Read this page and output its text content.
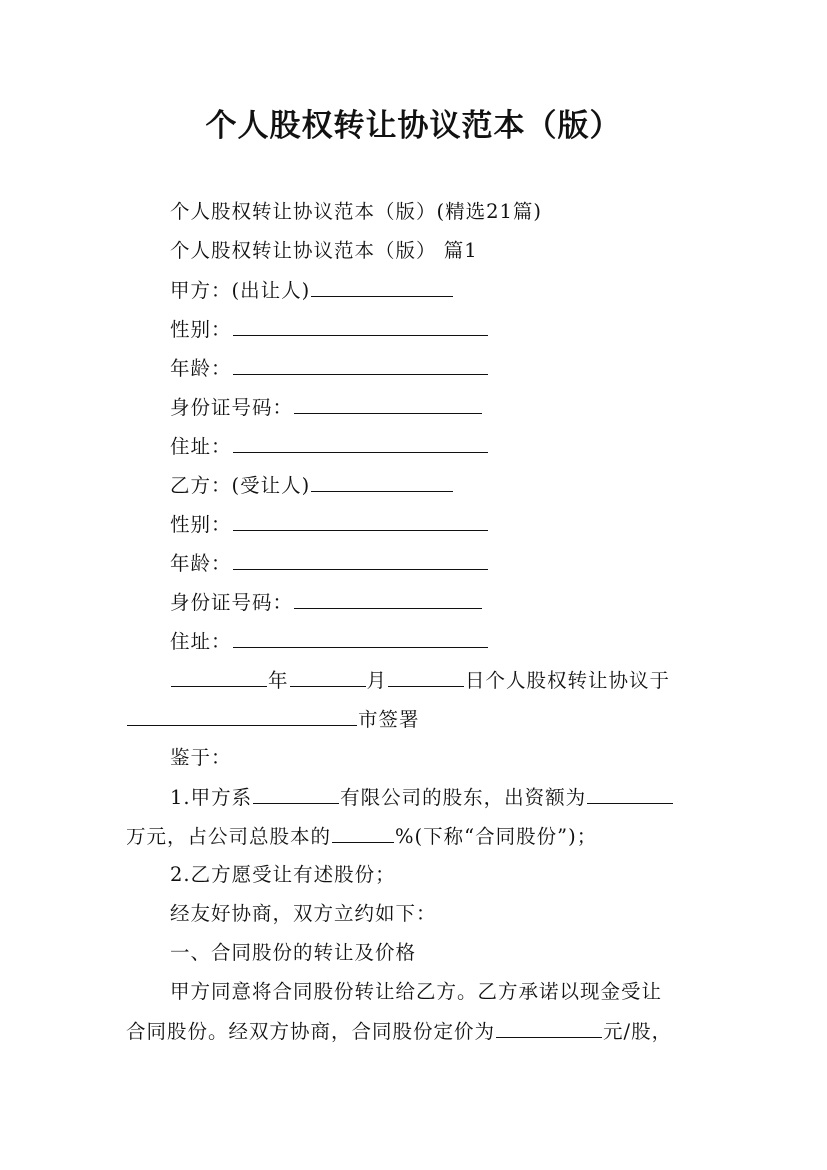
个人股权转让协议范本（版）
个人股权转让协议范本（版）(精选21篇)
个人股权转让协议范本（版） 篇1
甲方：(出让人)
性别：
年龄：
身份证号码：
住址：
乙方：(受让人)
性别：
年龄：
身份证号码：
住址：
年	月	日个人股权转让协议于
市签署
鉴于：
1.甲方系	有限公司的股东，出资额为
万元，占公司总股本的	%(下称“合同股份”)；
2.乙方愿受让有述股份；
经友好协商，双方立约如下：
一、合同股份的转让及价格
甲方同意将合同股份转让给乙方。乙方承诺以现金受让
合同股份。经双方协商，合同股份定价为	元/股，
